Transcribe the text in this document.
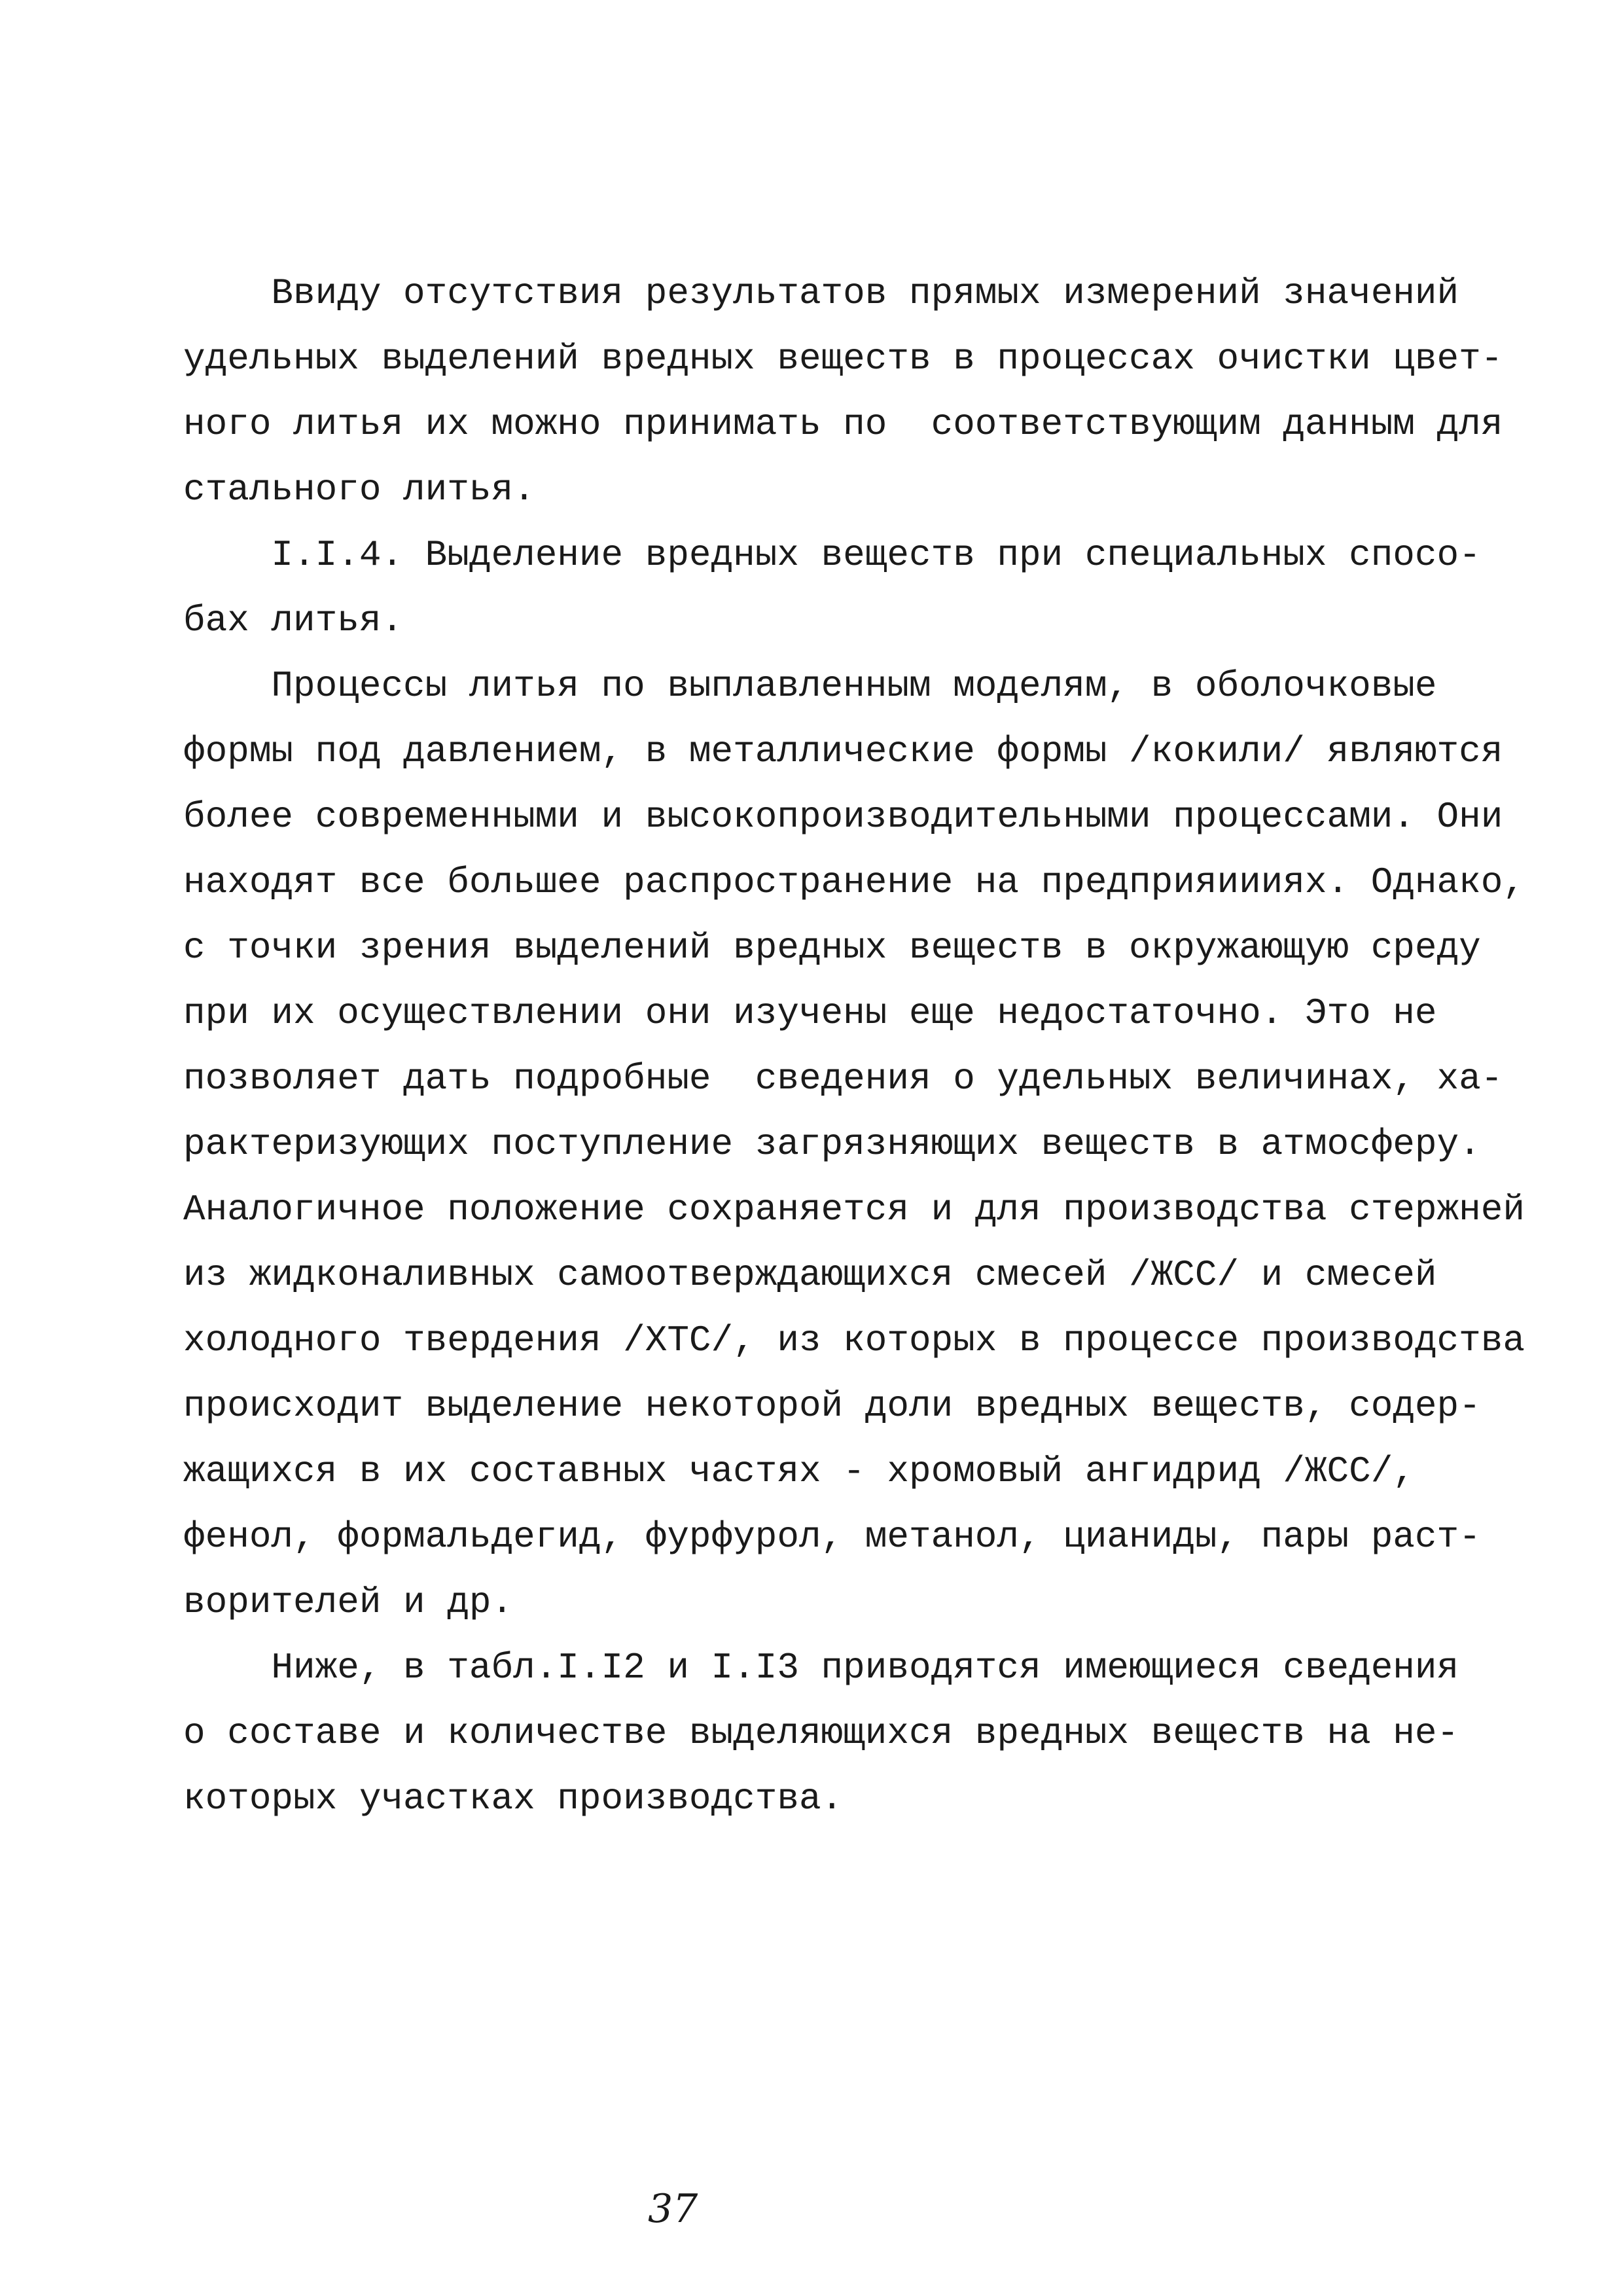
Ввиду отсутствия результатов прямых измерений значений
удельных выделений вредных веществ в процессах очистки цвет-
ного литья их можно принимать по  соответствующим данным для
стального литья.
I.I.4. Выделение вредных веществ при специальных спосо-
бах литья.
Процессы литья по выплавленным моделям, в оболочковые
формы под давлением, в металлические формы /кокили/ являются
более современными и высокопроизводительными процессами. Они
находят все большее распространение на предприяиииях. Однако,
с точки зрения выделений вредных веществ в окружающую среду
при их осуществлении они изучены еще недостаточно. Это не
позволяет дать подробные  сведения о удельных величинах, ха-
рактеризующих поступление загрязняющих веществ в атмосферу.
Аналогичное положение сохраняется и для производства стержней
из жидконаливных самоотверждающихся смесей /ЖСС/ и смесей
холодного твердения /ХТС/, из которых в процессе производства
происходит выделение некоторой доли вредных веществ, содер-
жащихся в их составных частях - хромовый ангидрид /ЖСС/,
фенол, формальдегид, фурфурол, метанол, цианиды, пары раст-
ворителей и др.
Ниже, в табл.I.I2 и I.I3 приводятся имеющиеся сведения
о составе и количестве выделяющихся вредных веществ на не-
которых участках производства.
37
